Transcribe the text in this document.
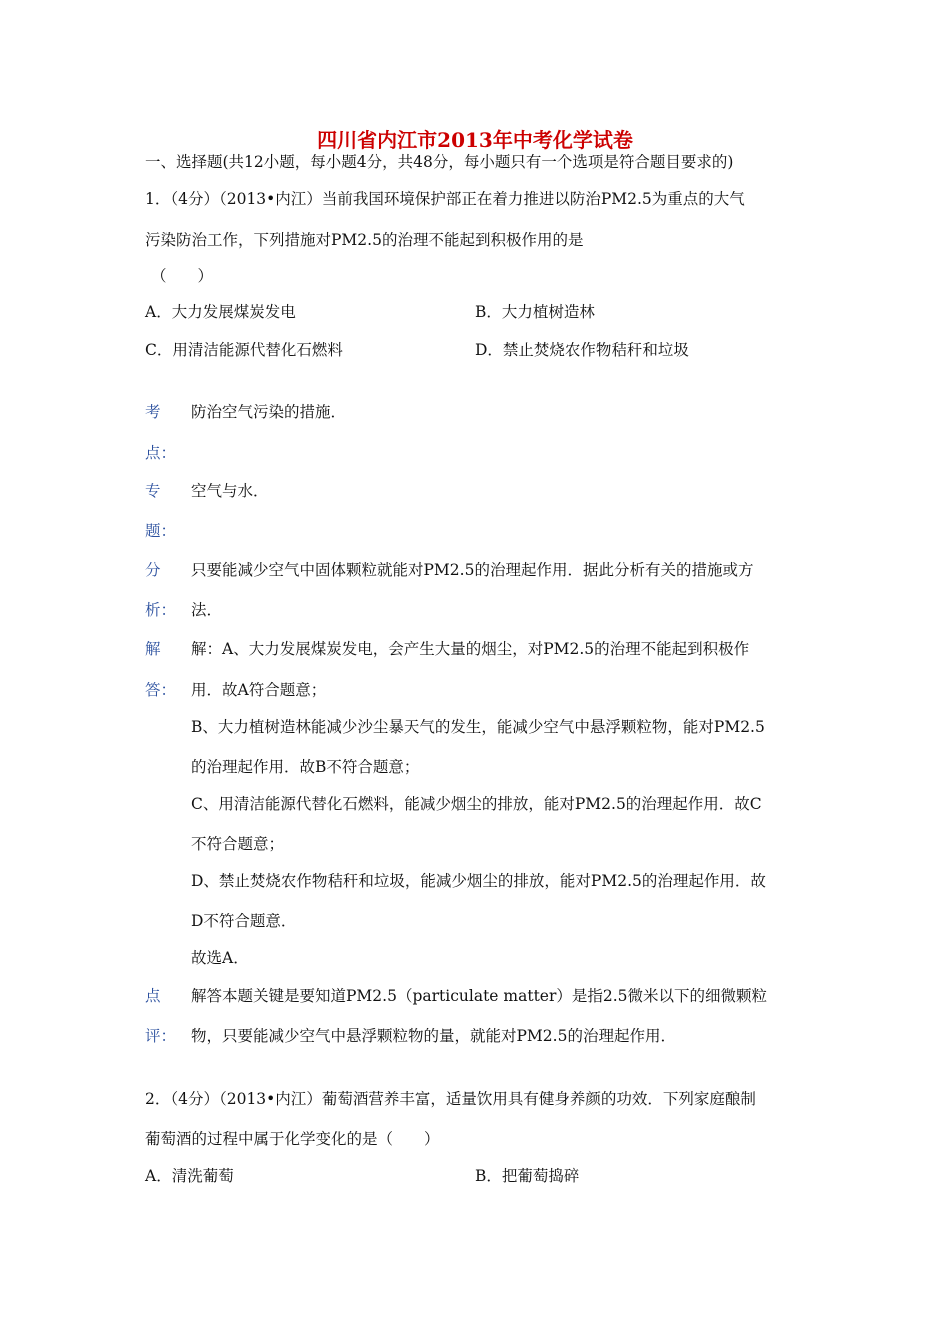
四川省内江市2013年中考化学试卷
一、选择题(共12小题，每小题4分，共48分，每小题只有一个选项是符合题目要求的)
1．（4分）（2013•内江）当前我国环境保护部正在着力推进以防治PM2.5为重点的大气
污染防治工作，下列措施对PM2.5的治理不能起到积极作用的是
（　　）
A．大力发展煤炭发电	B．大力植树造林
C．用清洁能源代替化石燃料	D．禁止焚烧农作物秸秆和垃圾
考
点：
防治空气污染的措施．
专
题：
空气与水．
分
析：
只要能减少空气中固体颗粒就能对PM2.5的治理起作用．据此分析有关的措施或方
法．
解
答：
解：A、大力发展煤炭发电，会产生大量的烟尘，对PM2.5的治理不能起到积极作
用．故A符合题意；
B、大力植树造林能减少沙尘暴天气的发生，能减少空气中悬浮颗粒物，能对PM2.5
的治理起作用．故B不符合题意；
C、用清洁能源代替化石燃料，能减少烟尘的排放，能对PM2.5的治理起作用．故C
不符合题意；
D、禁止焚烧农作物秸秆和垃圾，能减少烟尘的排放，能对PM2.5的治理起作用．故
D不符合题意．
故选A．
点
评：
解答本题关键是要知道PM2.5（particulate matter）是指2.5微米以下的细微颗粒
物，只要能减少空气中悬浮颗粒物的量，就能对PM2.5的治理起作用．
2．（4分）（2013•内江）葡萄酒营养丰富，适量饮用具有健身养颜的功效．下列家庭酿制
葡萄酒的过程中属于化学变化的是（　　）
A．清洗葡萄	B．把葡萄捣碎
